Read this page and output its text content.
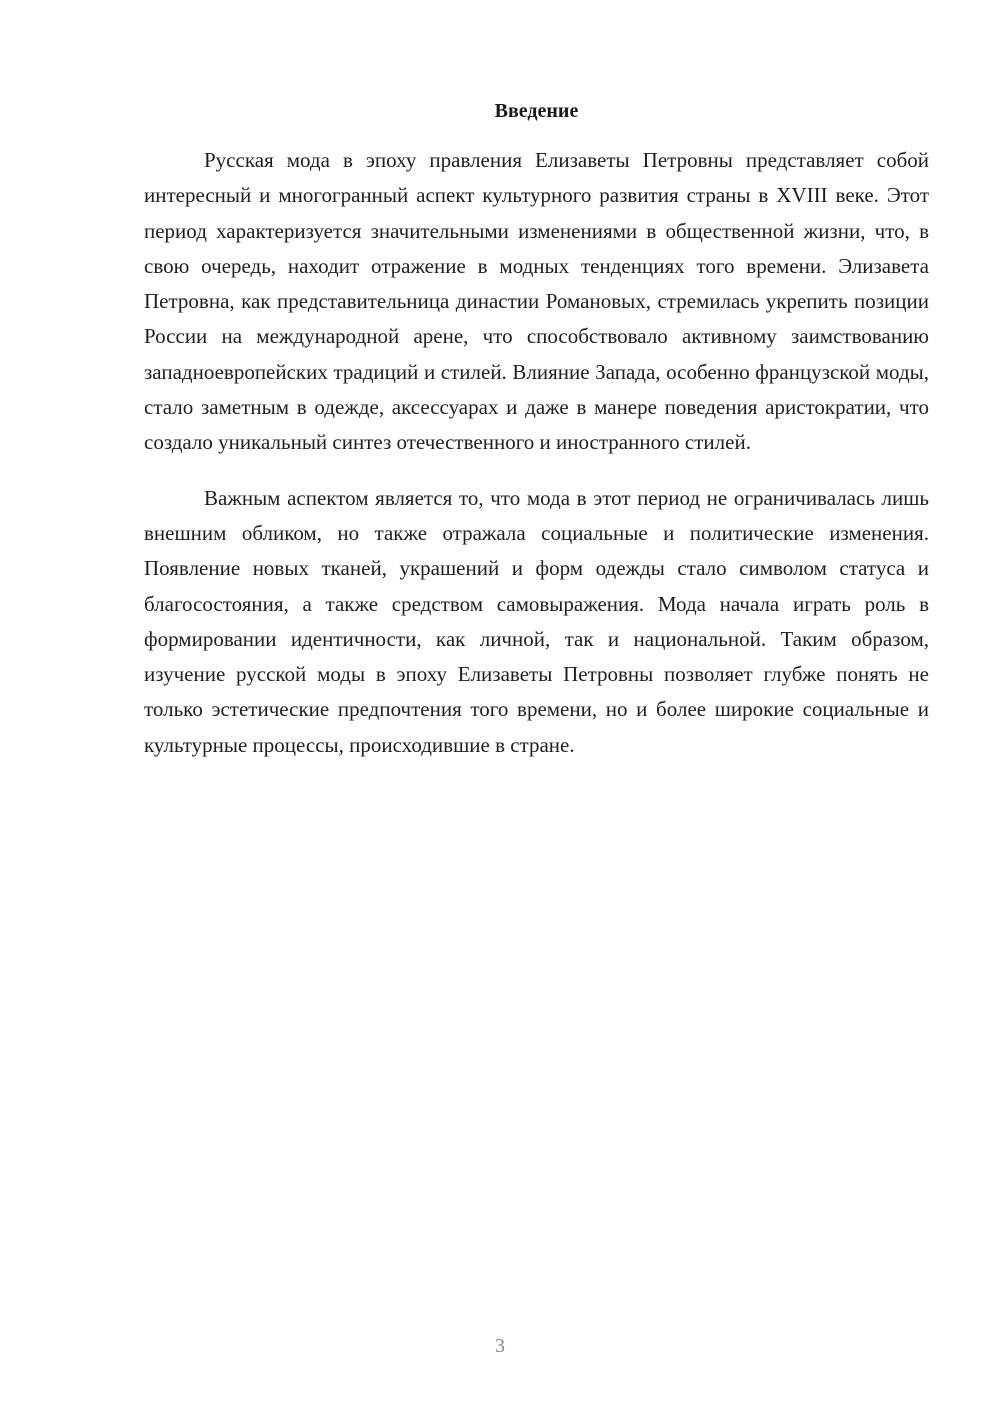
Введение

Русская мода в эпоху правления Елизаветы Петровны представляет собой интересный и многогранный аспект культурного развития страны в XVIII веке. Этот период характеризуется значительными изменениями в общественной жизни, что, в свою очередь, находит отражение в модных тенденциях того времени. Элизавета Петровна, как представительница династии Романовых, стремилась укрепить позиции России на международной арене, что способствовало активному заимствованию западноевропейских традиций и стилей. Влияние Запада, особенно французской моды, стало заметным в одежде, аксессуарах и даже в манере поведения аристократии, что создало уникальный синтез отечественного и иностранного стилей.

Важным аспектом является то, что мода в этот период не ограничивалась лишь внешним обликом, но также отражала социальные и политические изменения. Появление новых тканей, украшений и форм одежды стало символом статуса и благосостояния, а также средством самовыражения. Мода начала играть роль в формировании идентичности, как личной, так и национальной. Таким образом, изучение русской моды в эпоху Елизаветы Петровны позволяет глубже понять не только эстетические предпочтения того времени, но и более широкие социальные и культурные процессы, происходившие в стране.

3
